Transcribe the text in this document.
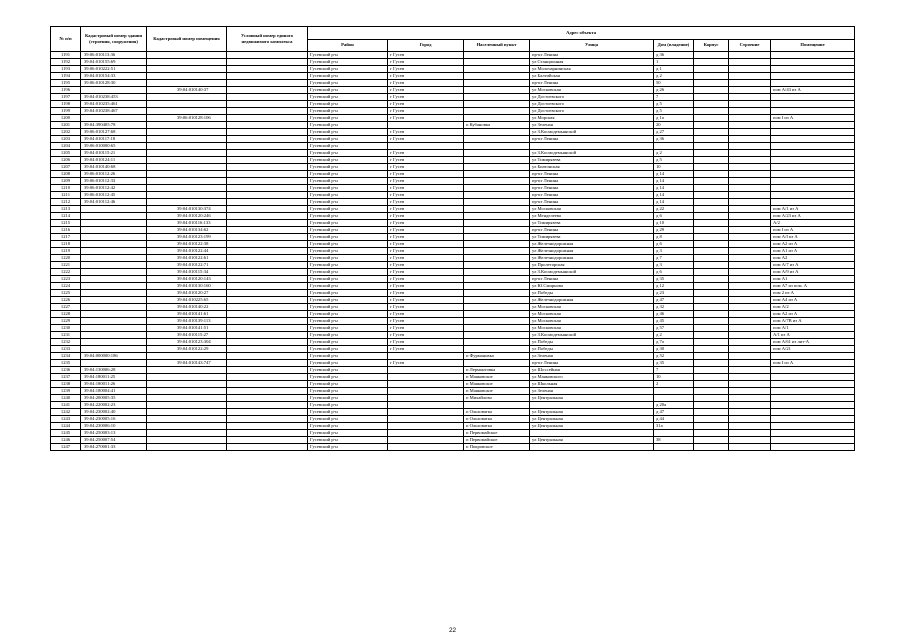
№ п/п	Кадастровый номер здания (строения, сооружения)	Кадастровый номер помещения	Условный номер единого недвижимого комплекса	Адрес объекта							
				Район	Город	Населенный пункт	Улица	Дом (владение)	Корпус	Строение	Помещение
1191	39:06:010113:36			Гусевский р-н	г Гусев		пр-кт Ленина	д 36			
1192	39:04:010155:69			Гусевский р-н	г Гусев		ул Станционная	1			
1193	39:06:010222:51			Гусевский р-н	г Гусев		ул Молочарнинская	д 1			
1194	39:04:010154:33			Гусевский р-н	г Гусев		ул Балтийская	д 2			
1195	39:06:010128:30			Гусевский р-н	г Гусев		пр-кт Ленина	50			
1196		39:04:010140:37		Гусевский р-н	г Гусев		ул Московская	д 26			пом А/43 из А
1197	39:04:010238:453			Гусевский р-н	г Гусев		ул Достоевского	7			
1198	39:04:010235:461			Гусевский р-н	г Гусев		ул Достоевского	д 5			
1199	39:04:010238:467			Гусевский р-н	г Гусев		ул Достоевского	д 5			
1200		39:06:010128:106		Гусевский р-н	г Гусев		ул Морская	д 1а			пом I из А
1201	39:04:390405:78			Гусевский р-н		п Кубановка	ул Зеленая	20			
1202	39:06:010127:68			Гусевский р-н	г Гусев		ул З.Космодемьянской	д 27			
1203	39:04:010117:18			Гусевский р-н	г Гусев		пр-кт Ленина	д 36			
1204	39:06:010000:65			Гусевский р-н							
1205	39:04:010115:21			Гусевский р-н	г Гусев		ул З.Космодемьянской	д 2			
1206	39:04:010124:11			Гусевский р-н	г Гусев		ул Тимирязева	д 5			
1207	39:04:010140:68			Гусевский р-н	г Гусев		ул Биатонская	10			
1208	39:06:010112:26			Гусевский р-н	г Гусев		пр-кт Ленина	д 14			
1209	39:06:010112:33			Гусевский р-н	г Гусев		пр-кт Ленина	д 14			
1210	39:06:010112:42			Гусевский р-н	г Гусев		пр-кт Ленина	д 14			
1211	39:06:010112:45			Гусевский р-н	г Гусев		пр-кт Ленина	д 14			
1212	39:04:010112:46			Гусевский р-н	г Гусев		пр-кт Ленина	д 14			
1213		39:04:010130:374		Гусевский р-н	г Гусев		ул Московская	д 22			пом А/1 из А
1214		39:04:010120:246		Гусевский р-н	г Гусев		ул Менделеева	д 6			пом А/23 из А
1215		39:04:010116:133		Гусевский р-н	г Гусев		ул Тимирязева	д 10			А/2
1216		39:04:010134:62		Гусевский р-н	г Гусев		пр-кт Ленина	д 29			пом I из А
1217		39:04:010123:199		Гусевский р-н	г Гусев		ул Тимирязева	д 8			пом А/I из А
1218		39:04:010122:38		Гусевский р-н	г Гусев		ул Железнодорожная	д 6			пом А2 из А
1219		39:04:010122:44		Гусевский р-н	г Гусев		ул Железнодорожная	д 3			пом А1 из А
1220		39:04:010122:61		Гусевский р-н	г Гусев		ул Железнодорожная	д 7			пом А2
1221		39:04:010122:71		Гусевский р-н	г Гусев		ул Пролетарская	д 3			пом А/7 из А
1222		39:04:010115:34		Гусевский р-н	г Гусев		ул З.Космодемьянской	д 6			пом А/9 из А
1223		39:04:010120:143		Гусевский р-н	г Гусев		пр-кт Ленина	д 35			пом А1
1224		39:04:010130:160		Гусевский р-н	г Гусев		ул Ю.Смирнова	д 12			пом А7 из пом. А
1225		39:04:010120:27		Гусевский р-н	г Гусев		ул Победы	д 23			пом 2 из А
1226		39:04:010225:65		Гусевский р-н	г Гусев		ул Железнодорожная	д 47			пом А4 из А
1227		39:04:010140:22		Гусевский р-н	г Гусев		ул Московская	д 32			пом А/2
1228		39:04:010141:61		Гусевский р-н	г Гусев		ул Московская	д 46			пом А2 из А
1229		39:04:010139:113		Гусевский р-н	г Гусев		ул Московская	д 45			пом А/7В из А
1230		39:04:010141:51		Гусевский р-н	г Гусев		ул Московская	д 57			пом А/1
1231		39:04:010115:27		Гусевский р-н	г Гусев		ул З.Космодемьянской	д 2			А/1 из А
1232		39:04:010123:304		Гусевский р-н	г Гусев		ул Победы	д 7а			пом А/61 из лит-А
1233		39:04:010122:29		Гусевский р-н	г Гусев		ул Победы	д 30			пом А/21
1234	39:04:000000:186			Гусевский р-н		п Фурмановка	ул Зеленая	д 52			
1235		39:04:010143:747		Гусевский р-н	г Гусев		пр-кт Ленина	д 35			пом I из А
1236	39:04:130006:28			Гусевский р-н		п Лермонтовка	ул Шоссейная	7			
1237	39:04:180011:25			Гусевский р-н		п Маяковское	ул Маяковского	10			
1238	39:04:180011:26			Гусевский р-н		п Маяковское	ул Школьная	2			
1239	39:04:180004:41			Гусевский р-н		п Маяковское	ул Зеленая				
1240	39:04:200005:35			Гусевский р-н		п Михайлово	ул Центральная				
1241	39:04:220002:23			Гусевский р-н				д 20а			
1242	39:04:230002:40			Гусевский р-н		п Ольховатка	ул Центральная	д 47			
1243	39:04:230005:16			Гусевский р-н		п Ольховатка	ул Центральная	д 44			
1244	39:04:230006:10			Гусевский р-н		п Ольховатка	ул Центральная	31а			
1245	39:04:250003:13			Гусевский р-н		п Первомайское					
1246	39:04:250007:54			Гусевский р-н		п Первомайское	ул Центральная	38			
1247	39:04:270001:33			Гусевский р-н		п Покровское					
22
